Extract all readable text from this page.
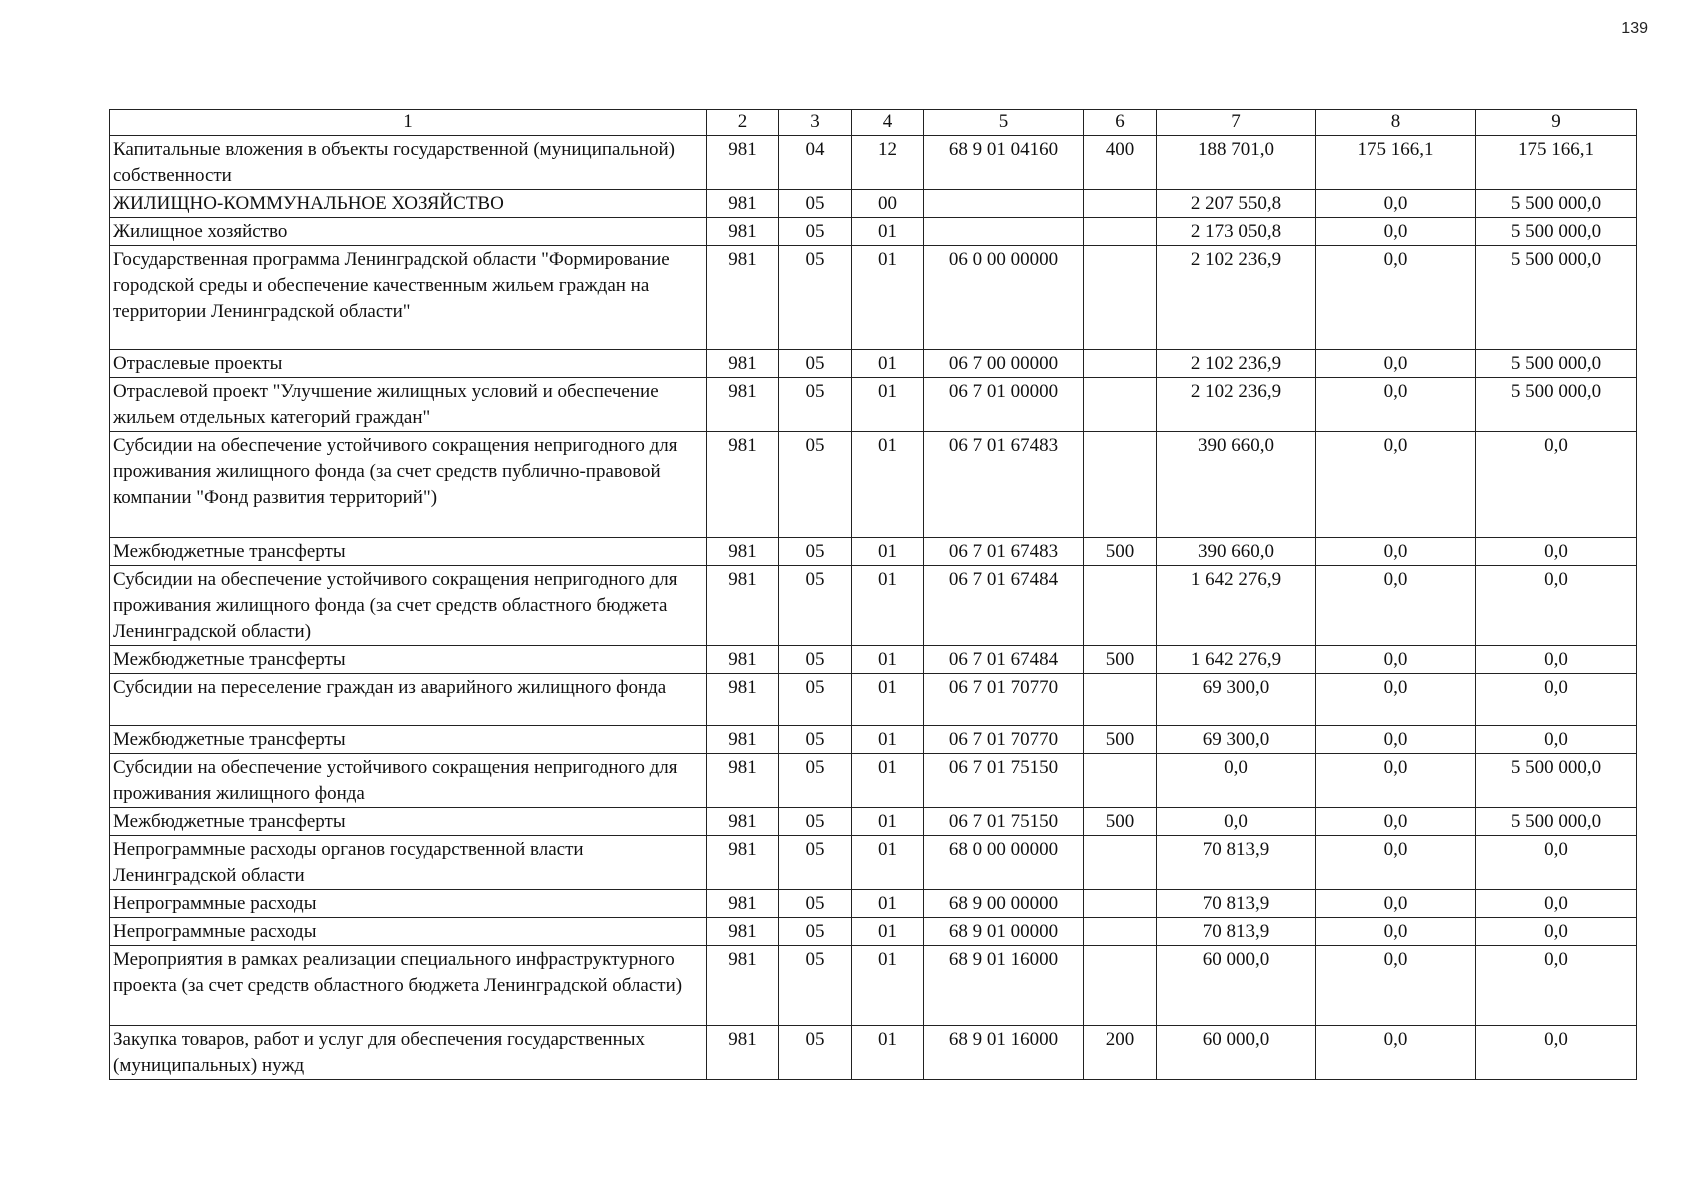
139
1	2	3	4	5	6	7	8	9
Капитальные вложения в объекты государственной (муниципальной) собственности	981	04	12	68 9 01 04160	400	188 701,0	175 166,1	175 166,1
ЖИЛИЩНО-КОММУНАЛЬНОЕ ХОЗЯЙСТВО	981	05	00			2 207 550,8	0,0	5 500 000,0
Жилищное хозяйство	981	05	01			2 173 050,8	0,0	5 500 000,0
Государственная программа Ленинградской области "Формирование городской среды и обеспечение качественным жильем граждан на территории Ленинградской области"	981	05	01	06 0 00 00000		2 102 236,9	0,0	5 500 000,0
Отраслевые проекты	981	05	01	06 7 00 00000		2 102 236,9	0,0	5 500 000,0
Отраслевой проект "Улучшение жилищных условий и обеспечение жильем отдельных категорий граждан"	981	05	01	06 7 01 00000		2 102 236,9	0,0	5 500 000,0
Субсидии на обеспечение устойчивого сокращения непригодного для проживания жилищного фонда (за счет средств публично-правовой компании "Фонд развития территорий")	981	05	01	06 7 01 67483		390 660,0	0,0	0,0
Межбюджетные трансферты	981	05	01	06 7 01 67483	500	390 660,0	0,0	0,0
Субсидии на обеспечение устойчивого сокращения непригодного для проживания жилищного фонда (за счет средств областного бюджета Ленинградской области)	981	05	01	06 7 01 67484		1 642 276,9	0,0	0,0
Межбюджетные трансферты	981	05	01	06 7 01 67484	500	1 642 276,9	0,0	0,0
Субсидии на переселение граждан из аварийного жилищного фонда	981	05	01	06 7 01 70770		69 300,0	0,0	0,0
Межбюджетные трансферты	981	05	01	06 7 01 70770	500	69 300,0	0,0	0,0
Субсидии на обеспечение устойчивого сокращения непригодного для проживания жилищного фонда	981	05	01	06 7 01 75150		0,0	0,0	5 500 000,0
Межбюджетные трансферты	981	05	01	06 7 01 75150	500	0,0	0,0	5 500 000,0
Непрограммные расходы органов государственной власти Ленинградской области	981	05	01	68 0 00 00000		70 813,9	0,0	0,0
Непрограммные расходы	981	05	01	68 9 00 00000		70 813,9	0,0	0,0
Непрограммные расходы	981	05	01	68 9 01 00000		70 813,9	0,0	0,0
Мероприятия в рамках реализации специального инфраструктурного проекта (за счет средств областного бюджета Ленинградской области)	981	05	01	68 9 01 16000		60 000,0	0,0	0,0
Закупка товаров, работ и услуг для обеспечения государственных (муниципальных) нужд	981	05	01	68 9 01 16000	200	60 000,0	0,0	0,0
